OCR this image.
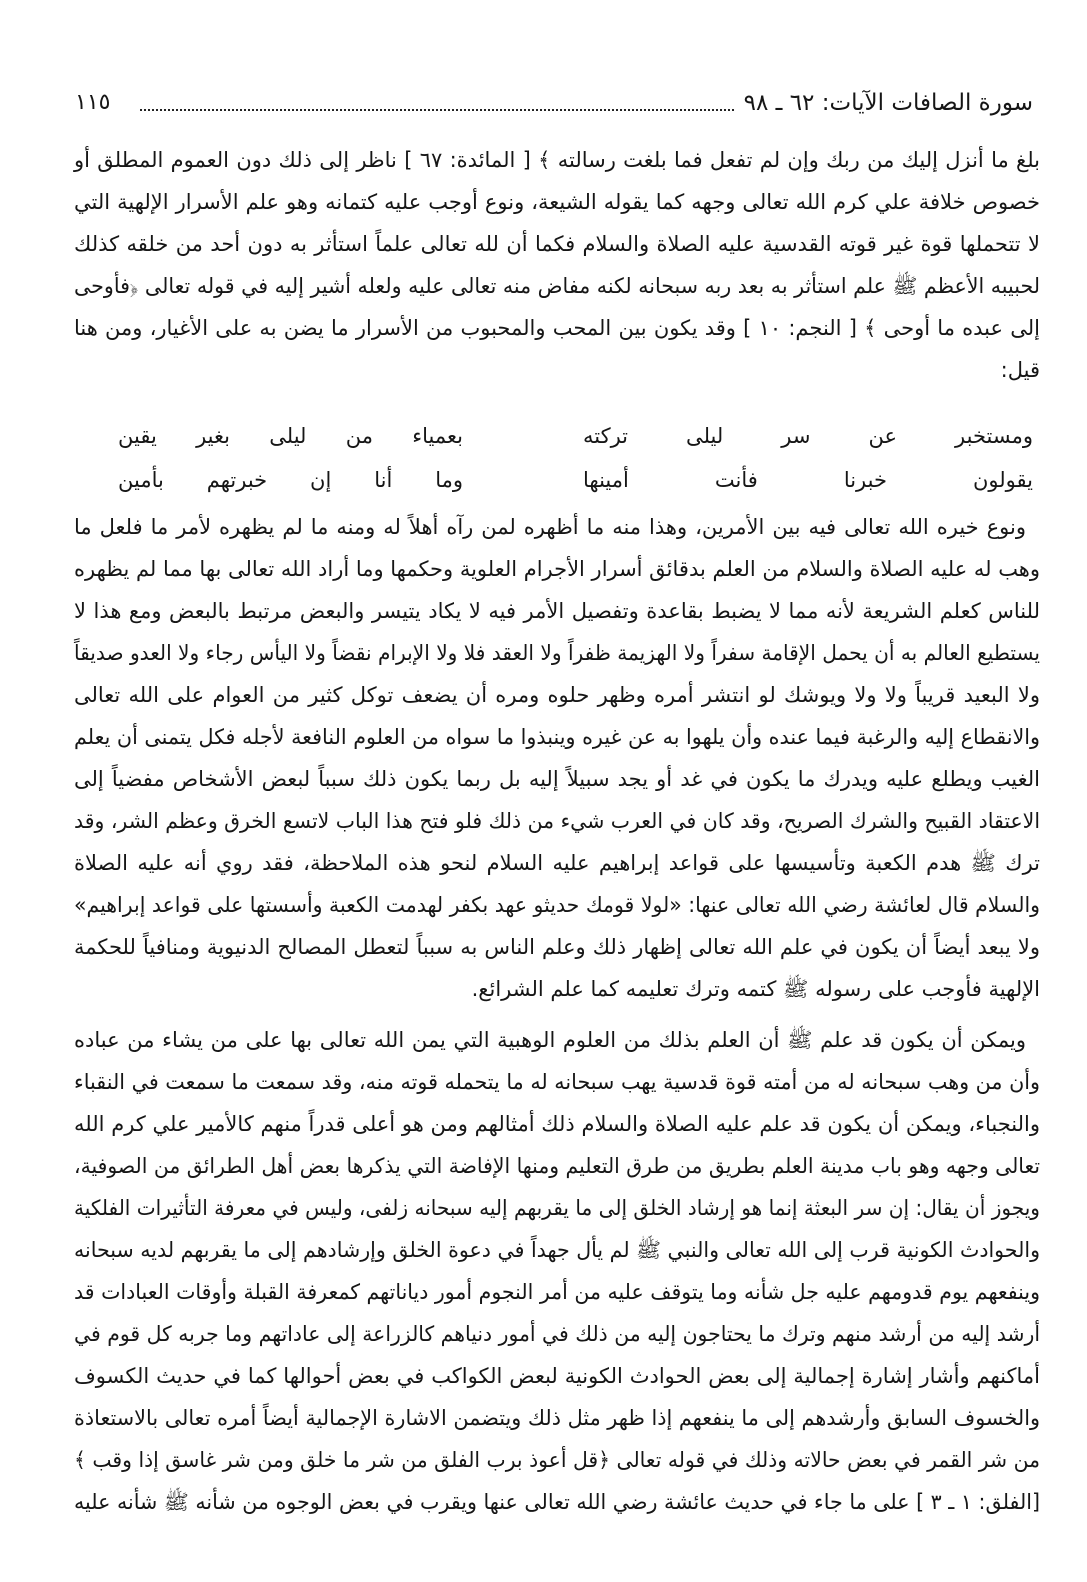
سورة الصافات الآيات: ٦٢ ـ ٩٨
١١٥
بلغ ما أنزل إليك من ربك وإن لم تفعل فما بلغت رسالته ﴾ [ المائدة: ٦٧ ] ناظر إلى ذلك دون العموم المطلق أو
خصوص خلافة علي كرم الله تعالى وجهه كما يقوله الشيعة، ونوع أوجب عليه كتمانه وهو علم الأسرار الإلهية التي
لا تتحملها قوة غير قوته القدسية عليه الصلاة والسلام فكما أن لله تعالى علماً استأثر به دون أحد من خلقه كذلك
لحبيبه الأعظم ﷺ علم استأثر به بعد ربه سبحانه لكنه مفاض منه تعالى عليه ولعله أشير إليه في قوله تعالى ﴿فأوحى
إلى عبده ما أوحى ﴾ [ النجم: ١٠ ] وقد يكون بين المحب والمحبوب من الأسرار ما يضن به على الأغيار، ومن هنا
قيل:
ومستخبر عن سر ليلى تركته
بعمياء من ليلى بغير يقين
يقولون خبرنا فأنت أمينها
وما أنا إن خبرتهم بأمين
ونوع خيره الله تعالى فيه بين الأمرين، وهذا منه ما أظهره لمن رآه أهلاً له ومنه ما لم يظهره لأمر ما فلعل ما
وهب له عليه الصلاة والسلام من العلم بدقائق أسرار الأجرام العلوية وحكمها وما أراد الله تعالى بها مما لم يظهره
للناس كعلم الشريعة لأنه مما لا يضبط بقاعدة وتفصيل الأمر فيه لا يكاد يتيسر والبعض مرتبط بالبعض ومع هذا لا
يستطيع العالم به أن يحمل الإقامة سفراً ولا الهزيمة ظفراً ولا العقد فلا ولا الإبرام نقضاً ولا اليأس رجاء ولا العدو صديقاً
ولا البعيد قريباً ولا ولا ويوشك لو انتشر أمره وظهر حلوه ومره أن يضعف توكل كثير من العوام على الله تعالى
والانقطاع إليه والرغبة فيما عنده وأن يلهوا به عن غيره وينبذوا ما سواه من العلوم النافعة لأجله فكل يتمنى أن يعلم
الغيب ويطلع عليه ويدرك ما يكون في غد أو يجد سبيلاً إليه بل ربما يكون ذلك سبباً لبعض الأشخاص مفضياً إلى
الاعتقاد القبيح والشرك الصريح، وقد كان في العرب شيء من ذلك فلو فتح هذا الباب لاتسع الخرق وعظم الشر، وقد
ترك ﷺ هدم الكعبة وتأسيسها على قواعد إبراهيم عليه السلام لنحو هذه الملاحظة، فقد روي أنه عليه الصلاة
والسلام قال لعائشة رضي الله تعالى عنها: «لولا قومك حديثو عهد بكفر لهدمت الكعبة وأسستها على قواعد إبراهيم»
ولا يبعد أيضاً أن يكون في علم الله تعالى إظهار ذلك وعلم الناس به سبباً لتعطل المصالح الدنيوية ومنافياً للحكمة
الإلهية فأوجب على رسوله ﷺ كتمه وترك تعليمه كما علم الشرائع.
ويمكن أن يكون قد علم ﷺ أن العلم بذلك من العلوم الوهبية التي يمن الله تعالى بها على من يشاء من عباده
وأن من وهب سبحانه له من أمته قوة قدسية يهب سبحانه له ما يتحمله قوته منه، وقد سمعت ما سمعت في النقباء
والنجباء، ويمكن أن يكون قد علم عليه الصلاة والسلام ذلك أمثالهم ومن هو أعلى قدراً منهم كالأمير علي كرم الله
تعالى وجهه وهو باب مدينة العلم بطريق من طرق التعليم ومنها الإفاضة التي يذكرها بعض أهل الطرائق من الصوفية،
ويجوز أن يقال: إن سر البعثة إنما هو إرشاد الخلق إلى ما يقربهم إليه سبحانه زلفى، وليس في معرفة التأثيرات الفلكية
والحوادث الكونية قرب إلى الله تعالى والنبي ﷺ لم يأل جهداً في دعوة الخلق وإرشادهم إلى ما يقربهم لديه سبحانه
وينفعهم يوم قدومهم عليه جل شأنه وما يتوقف عليه من أمر النجوم أمور دياناتهم كمعرفة القبلة وأوقات العبادات قد
أرشد إليه من أرشد منهم وترك ما يحتاجون إليه من ذلك في أمور دنياهم كالزراعة إلى عاداتهم وما جربه كل قوم في
أماكنهم وأشار إشارة إجمالية إلى بعض الحوادث الكونية لبعض الكواكب في بعض أحوالها كما في حديث الكسوف
والخسوف السابق وأرشدهم إلى ما ينفعهم إذا ظهر مثل ذلك ويتضمن الاشارة الإجمالية أيضاً أمره تعالى بالاستعاذة
من شر القمر في بعض حالاته وذلك في قوله تعالى ﴿قل أعوذ برب الفلق من شر ما خلق ومن شر غاسق إذا وقب ﴾
[الفلق: ١ ـ ٣ ] على ما جاء في حديث عائشة رضي الله تعالى عنها ويقرب في بعض الوجوه من شأنه ﷺ شأنه عليه
